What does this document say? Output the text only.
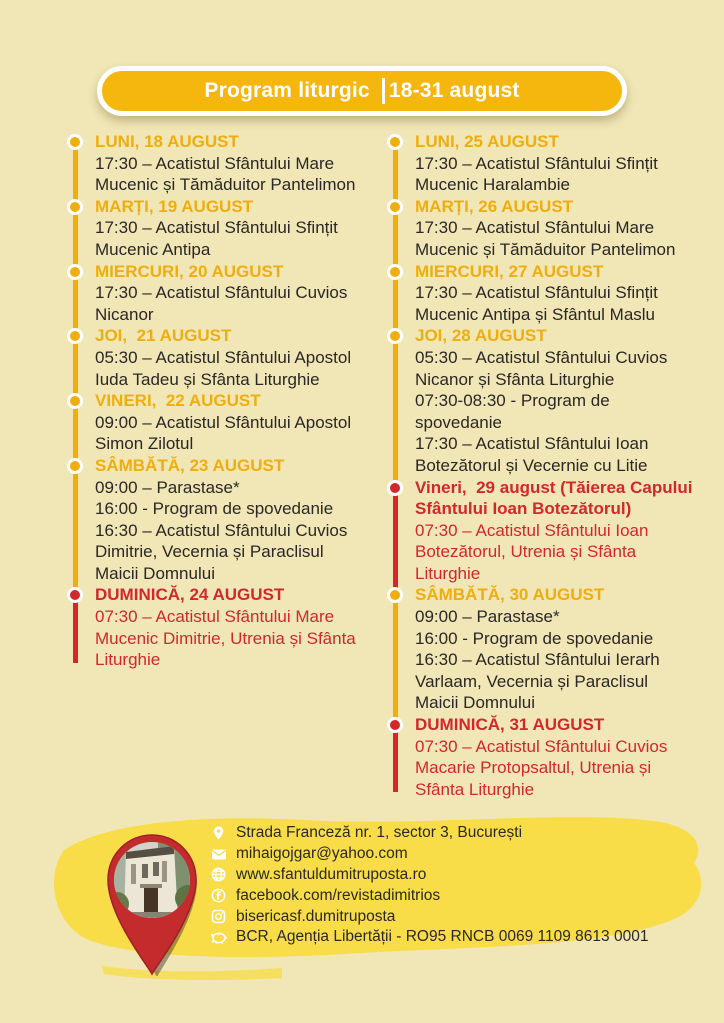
Program liturgic 18-31 august
LUNI, 18 AUGUST
17:30 – Acatistul Sfântului Mare
Mucenic și Tămăduitor Pantelimon
MARȚI, 19 AUGUST
17:30 – Acatistul Sfântului Sfințit
Mucenic Antipa
MIERCURI, 20 AUGUST
17:30 – Acatistul Sfântului Cuvios
Nicanor
JOI,  21 AUGUST
05:30 – Acatistul Sfântului Apostol
Iuda Tadeu și Sfânta Liturghie
VINERI,  22 AUGUST
09:00 – Acatistul Sfântului Apostol
Simon Zilotul
SÂMBĂTĂ, 23 AUGUST
09:00 – Parastase*
16:00 - Program de spovedanie
16:30 – Acatistul Sfântului Cuvios
Dimitrie, Vecernia și Paraclisul
Maicii Domnului
DUMINICĂ, 24 AUGUST
07:30 – Acatistul Sfântului Mare
Mucenic Dimitrie, Utrenia și Sfânta
Liturghie
LUNI, 25 AUGUST
17:30 – Acatistul Sfântului Sfințit
Mucenic Haralambie
MARȚI, 26 AUGUST
17:30 – Acatistul Sfântului Mare
Mucenic și Tămăduitor Pantelimon
MIERCURI, 27 AUGUST
17:30 – Acatistul Sfântului Sfințit
Mucenic Antipa și Sfântul Maslu
JOI, 28 AUGUST
05:30 – Acatistul Sfântului Cuvios
Nicanor și Sfânta Liturghie
07:30-08:30 - Program de
spovedanie
17:30 – Acatistul Sfântului Ioan
Botezătorul și Vecernie cu Litie
Vineri,  29 august (Tăierea Capului
Sfântului Ioan Botezătorul)
07:30 – Acatistul Sfântului Ioan
Botezătorul, Utrenia și Sfânta
Liturghie
SÂMBĂTĂ, 30 AUGUST
09:00 – Parastase*
16:00 - Program de spovedanie
16:30 – Acatistul Sfântului Ierarh
Varlaam, Vecernia și Paraclisul
Maicii Domnului
DUMINICĂ, 31 AUGUST
07:30 – Acatistul Sfântului Cuvios
Macarie Protopsaltul, Utrenia și
Sfânta Liturghie
Strada Franceză nr. 1, sector 3, București
mihaigojgar@yahoo.com
www.sfantuldumitruposta.ro
facebook.com/revistadimitrios
bisericasf.dumitruposta
BCR, Agenția Libertății - RO95 RNCB 0069 1109 8613 0001
